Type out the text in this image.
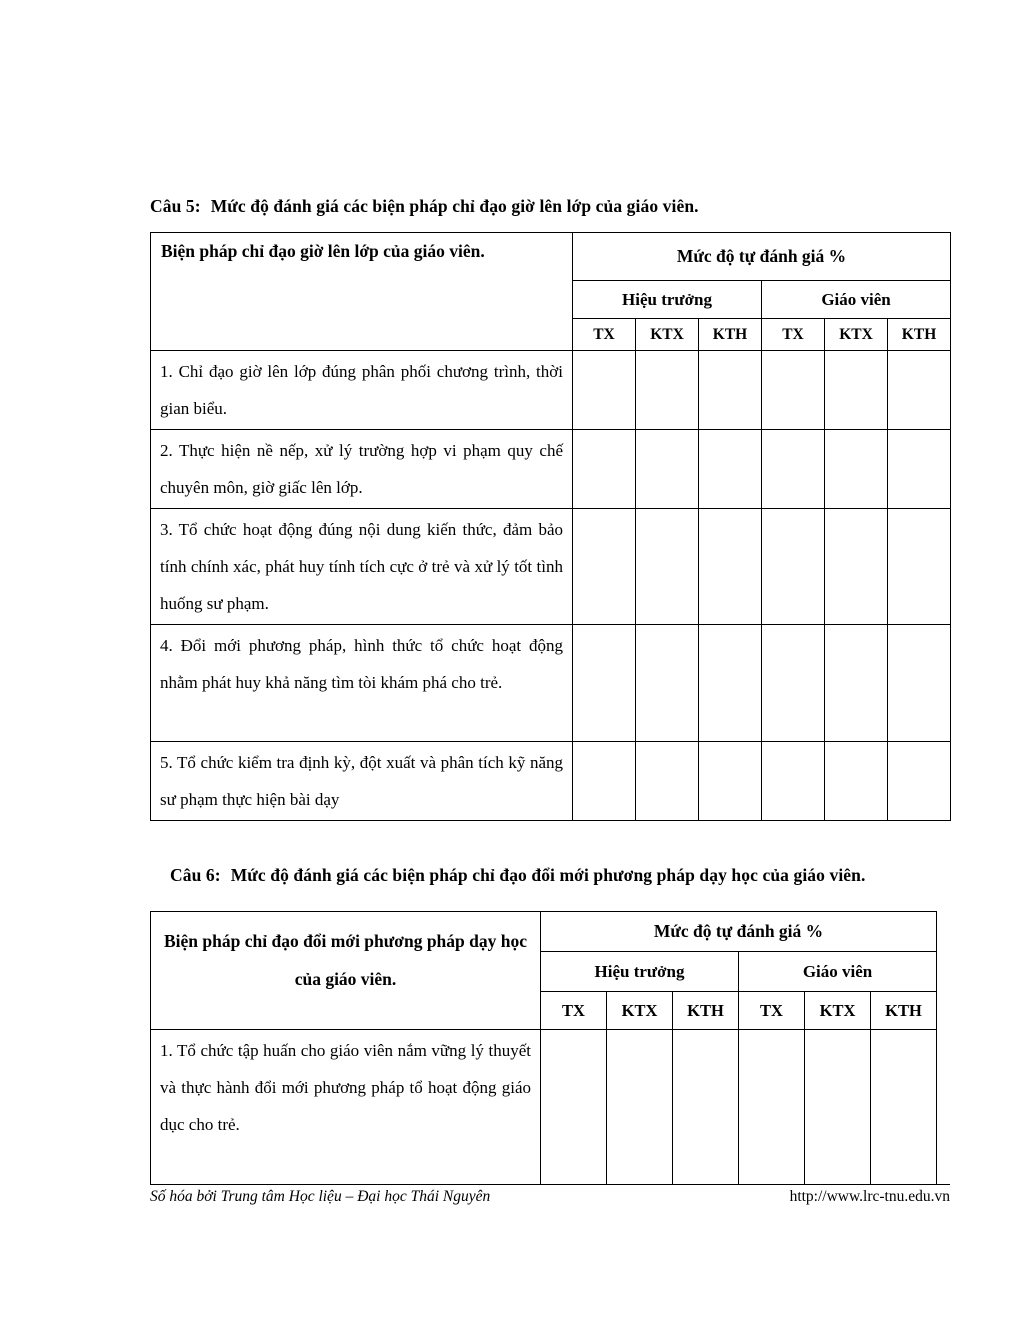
Câu 5: Mức độ đánh giá các biện pháp chỉ đạo giờ lên lớp của giáo viên.
Biện pháp chỉ đạo giờ lên lớp của giáo viên.	Mức độ tự đánh giá %					
	Hiệu trưởng			Giáo viên		
	TX	KTX	KTH	TX	KTX	KTH
1. Chỉ đạo giờ lên lớp đúng phân phối chương trình, thời gian biểu.						
2. Thực hiện nề nếp, xử lý trường hợp vi phạm quy chế chuyên môn, giờ giấc lên lớp.						
3. Tổ chức hoạt động đúng nội dung kiến thức, đảm bảo tính chính xác, phát huy tính tích cực ở trẻ và xử lý tốt tình huống sư phạm.						
4. Đổi mới phương pháp, hình thức tổ chức hoạt động nhằm phát huy khả năng tìm tòi khám phá cho trẻ.						
5. Tổ chức kiểm tra định kỳ, đột xuất và phân tích kỹ năng sư phạm thực hiện bài dạy						
Câu 6: Mức độ đánh giá các biện pháp chỉ đạo đổi mới phương pháp dạy học của giáo viên.
Biện pháp chỉ đạo đổi mới phương pháp dạy học của giáo viên.	Mức độ tự đánh giá %					
	Hiệu trưởng			Giáo viên		
	TX	KTX	KTH	TX	KTX	KTH
1. Tổ chức tập huấn cho giáo viên nắm vững lý thuyết và thực hành đổi mới phương pháp tổ hoạt động giáo dục cho trẻ.						
Số hóa bởi Trung tâm Học liệu – Đại học Thái Nguyên	http://www.lrc-tnu.edu.vn
